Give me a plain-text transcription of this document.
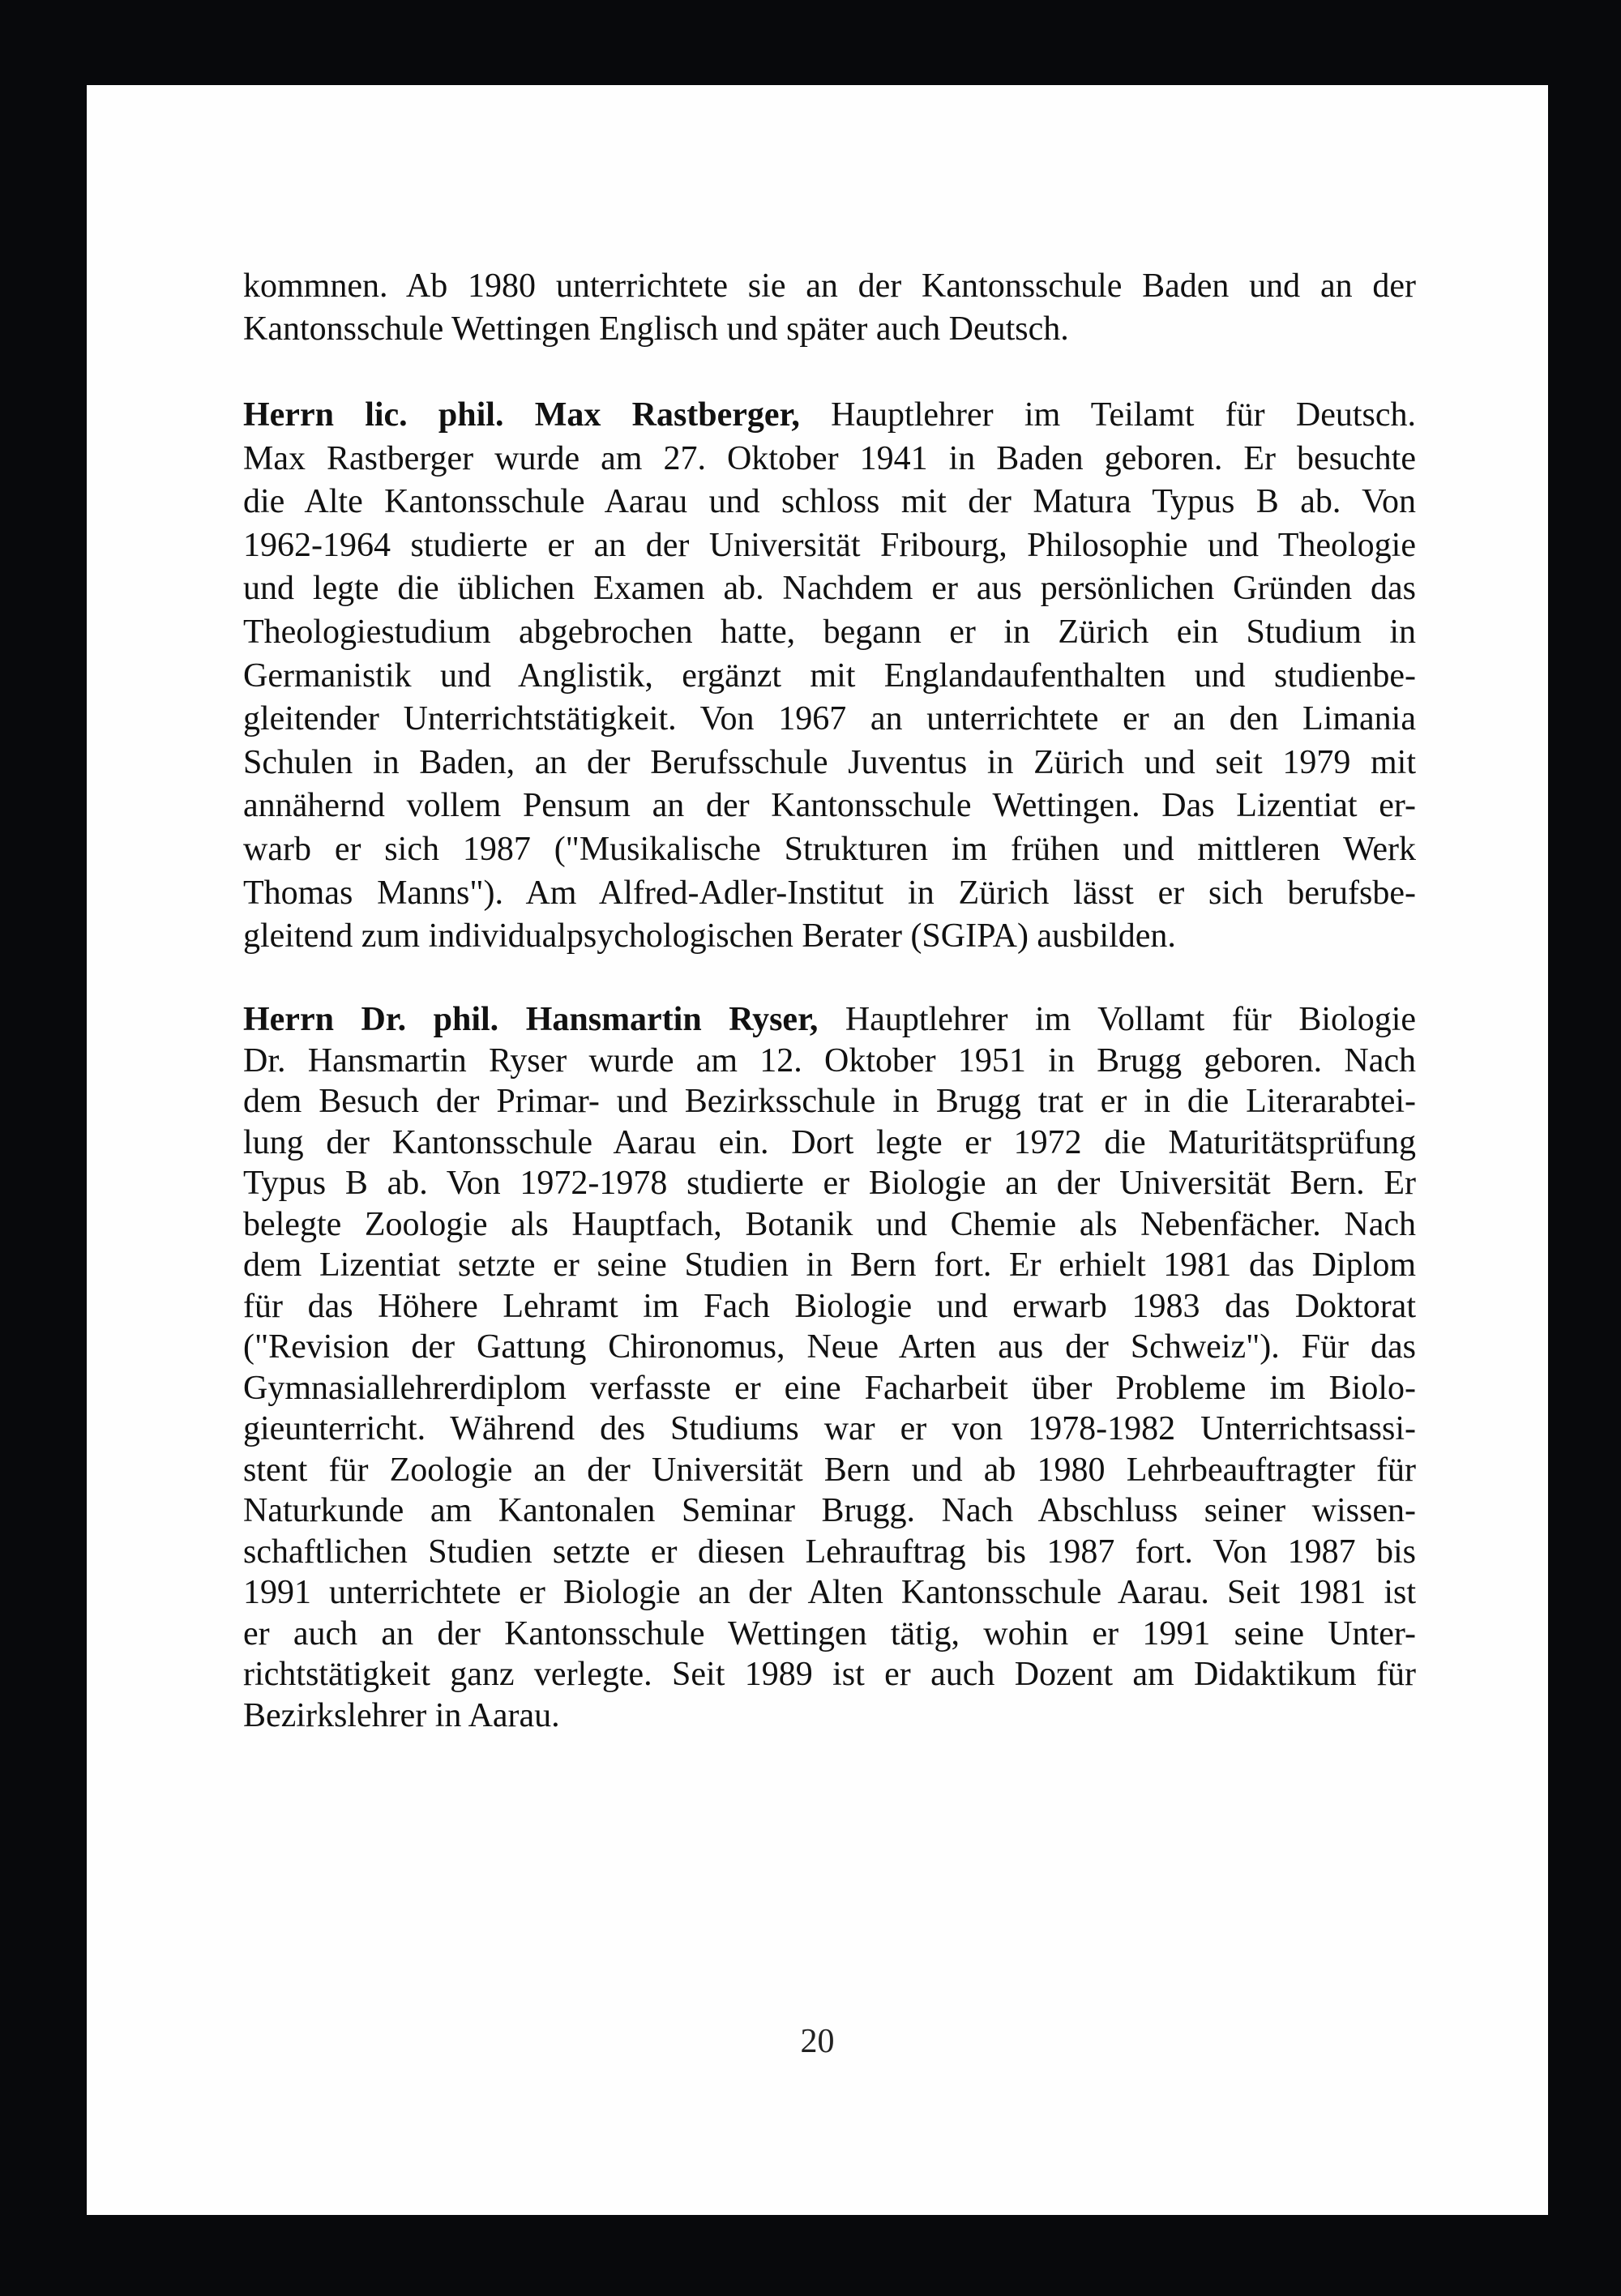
kommnen. Ab 1980 unterrichtete sie an der Kantonsschule Baden und an der
Kantonsschule Wettingen Englisch und später auch Deutsch.
Herrn lic. phil. Max Rastberger, Hauptlehrer im Teilamt für Deutsch.
Max Rastberger wurde am 27. Oktober 1941 in Baden geboren. Er besuchte
die Alte Kantonsschule Aarau und schloss mit der Matura Typus B ab. Von
1962-1964 studierte er an der Universität Fribourg, Philosophie und Theologie
und legte die üblichen Examen ab. Nachdem er aus persönlichen Gründen das
Theologiestudium abgebrochen hatte, begann er in Zürich ein Studium in
Germanistik und Anglistik, ergänzt mit Englandaufenthalten und studienbe-
gleitender Unterrichtstätigkeit. Von 1967 an unterrichtete er an den Limania
Schulen in Baden, an der Berufsschule Juventus in Zürich und seit 1979 mit
annähernd vollem Pensum an der Kantonsschule Wettingen. Das Lizentiat er-
warb er sich 1987 ("Musikalische Strukturen im frühen und mittleren Werk
Thomas Manns"). Am Alfred-Adler-Institut in Zürich lässt er sich berufsbe-
gleitend zum individualpsychologischen Berater (SGIPA) ausbilden.
Herrn Dr. phil. Hansmartin Ryser, Hauptlehrer im Vollamt für Biologie
Dr. Hansmartin Ryser wurde am 12. Oktober 1951 in Brugg geboren. Nach
dem Besuch der Primar- und Bezirksschule in Brugg trat er in die Literarabtei-
lung der Kantonsschule Aarau ein. Dort legte er 1972 die Maturitätsprüfung
Typus B ab. Von 1972-1978 studierte er Biologie an der Universität Bern. Er
belegte Zoologie als Hauptfach, Botanik und Chemie als Nebenfächer. Nach
dem Lizentiat setzte er seine Studien in Bern fort. Er erhielt 1981 das Diplom
für das Höhere Lehramt im Fach Biologie und erwarb 1983 das Doktorat
("Revision der Gattung Chironomus, Neue Arten aus der Schweiz"). Für das
Gymnasiallehrerdiplom verfasste er eine Facharbeit über Probleme im Biolo-
gieunterricht. Während des Studiums war er von 1978-1982 Unterrichtsassi-
stent für Zoologie an der Universität Bern und ab 1980 Lehrbeauftragter für
Naturkunde am Kantonalen Seminar Brugg. Nach Abschluss seiner wissen-
schaftlichen Studien setzte er diesen Lehrauftrag bis 1987 fort. Von 1987 bis
1991 unterrichtete er Biologie an der Alten Kantonsschule Aarau. Seit 1981 ist
er auch an der Kantonsschule Wettingen tätig, wohin er 1991 seine Unter-
richtstätigkeit ganz verlegte. Seit 1989 ist er auch Dozent am Didaktikum für
Bezirkslehrer in Aarau.
20
